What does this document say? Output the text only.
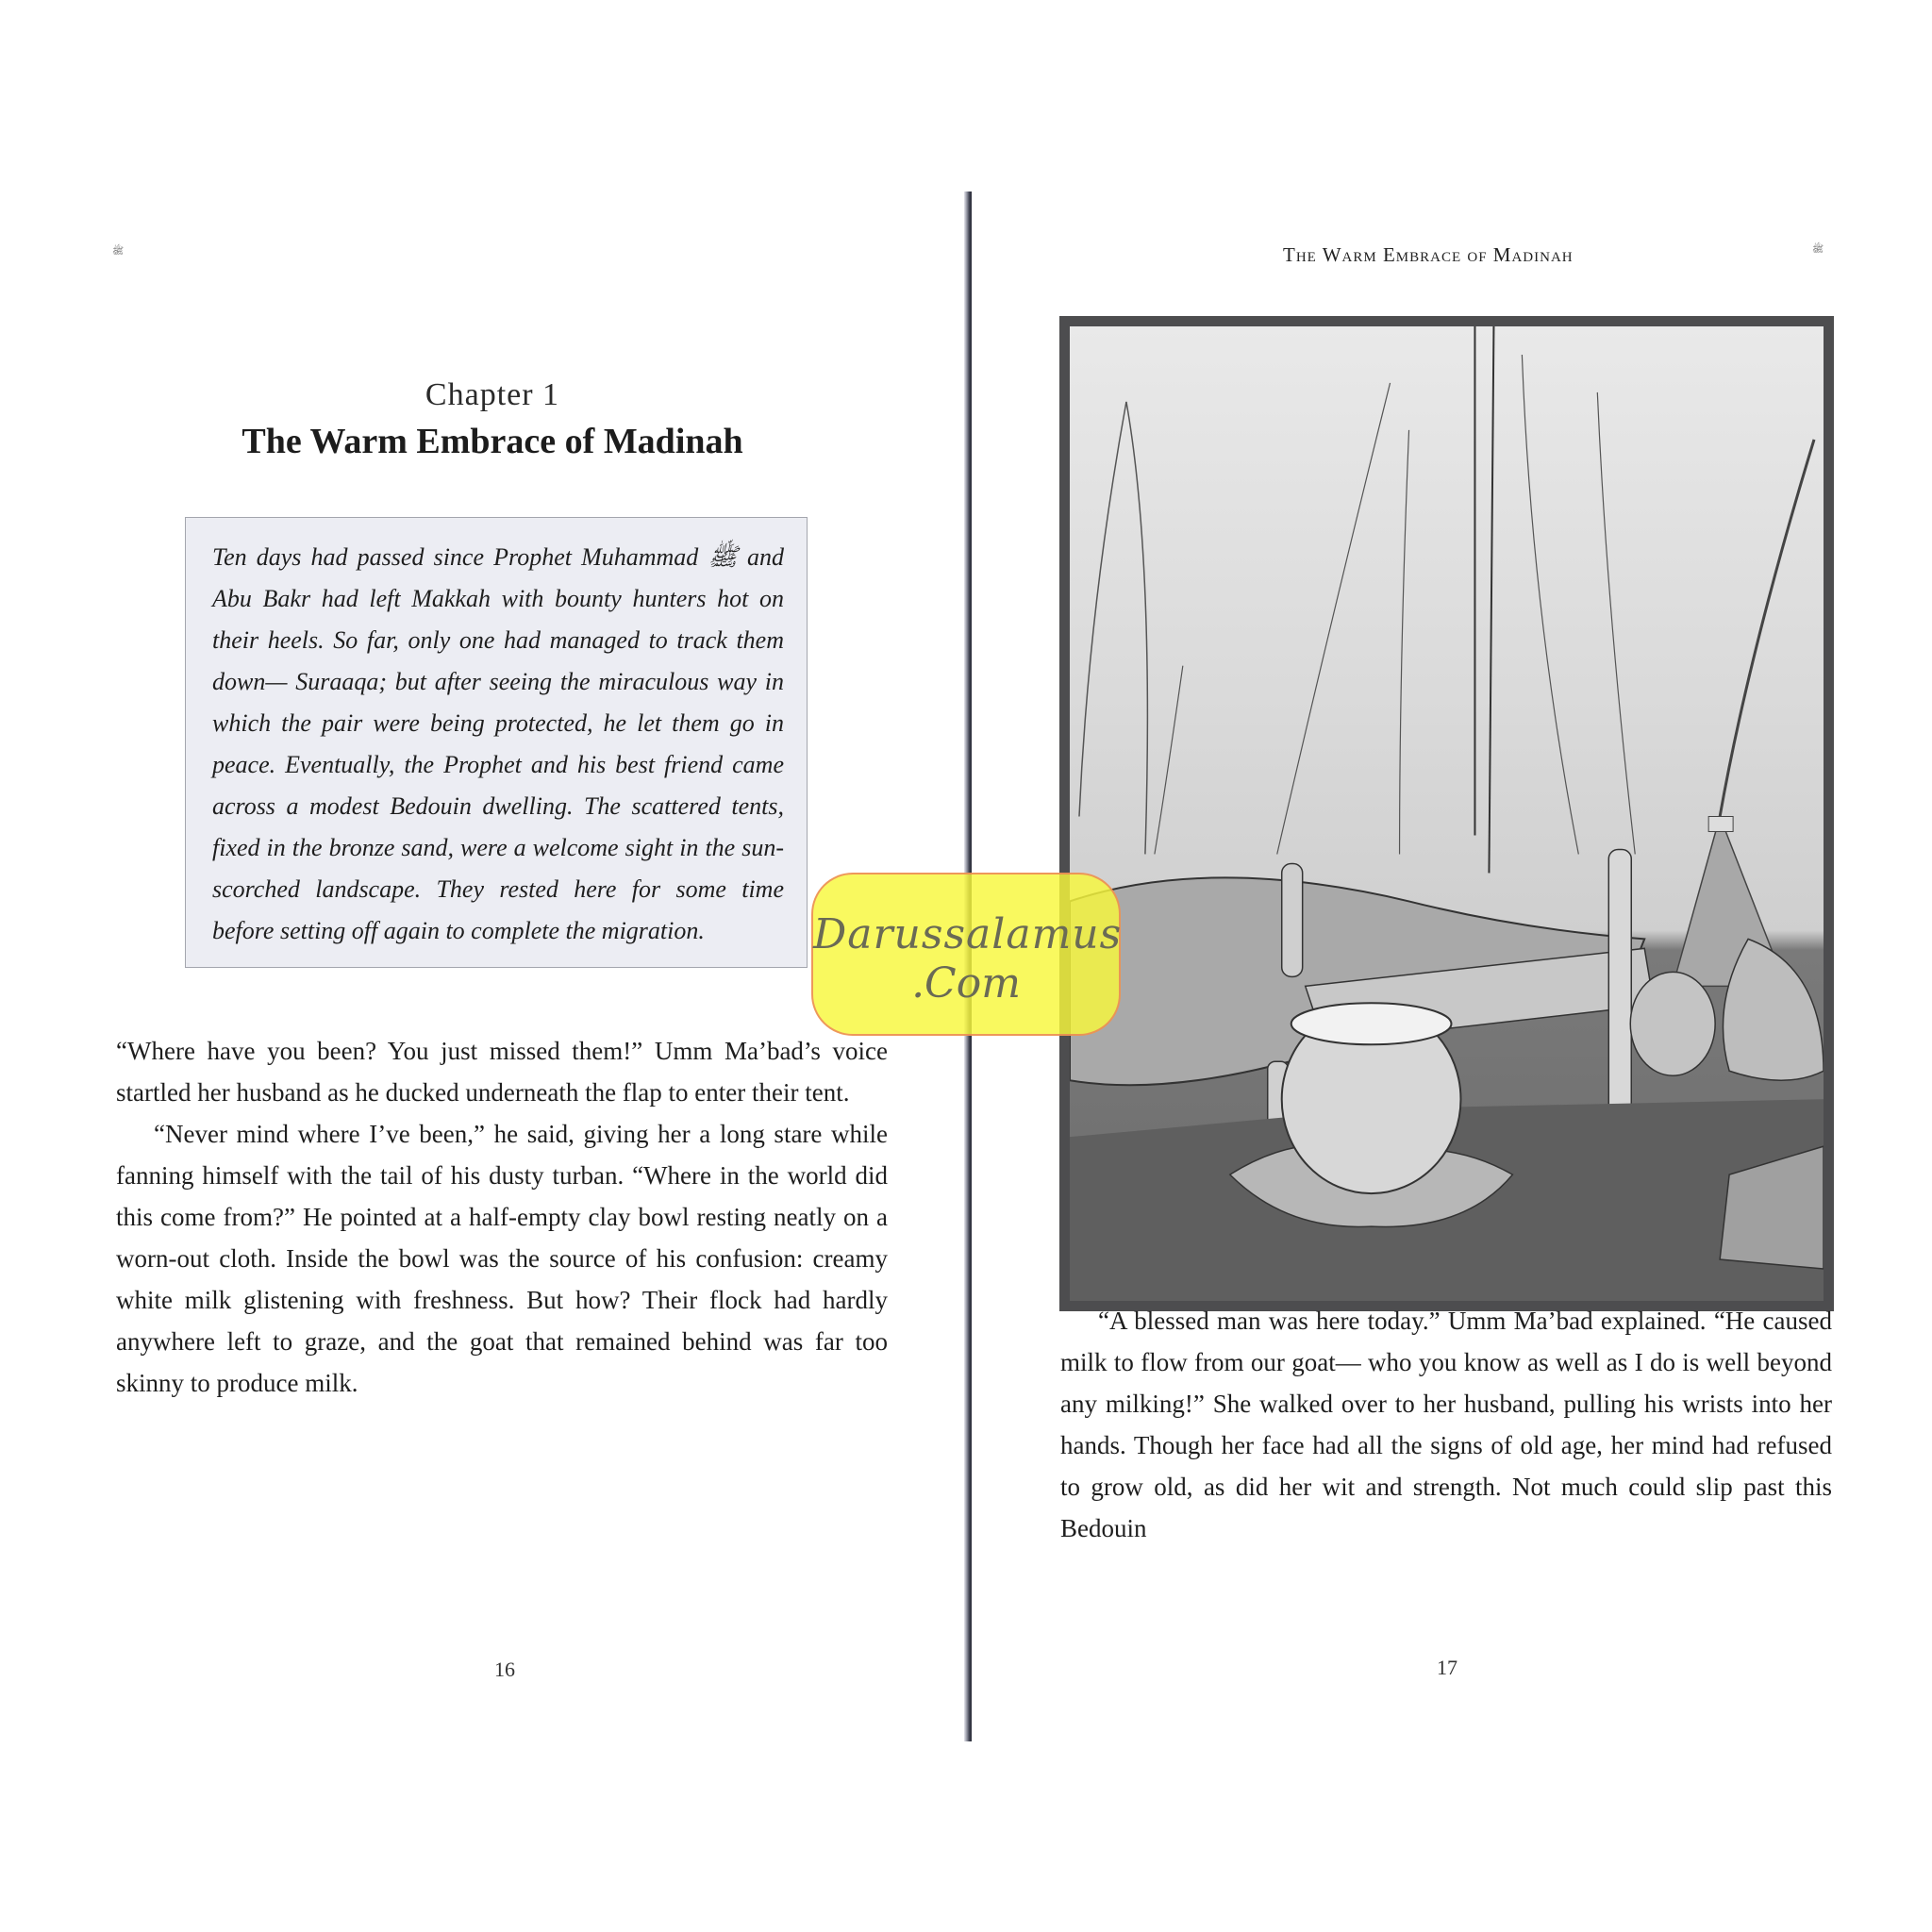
ﷺ
Chapter 1
The Warm Embrace of Madinah
Ten days had passed since Prophet Muhammad ﷺ and Abu Bakr had left Makkah with bounty hunters hot on their heels. So far, only one had managed to track them down— Suraaqa; but after seeing the miraculous way in which the pair were being protected, he let them go in peace. Eventually, the Prophet and his best friend came across a modest Bedouin dwelling. The scattered tents, fixed in the bronze sand, were a welcome sight in the sun-scorched landscape. They rested here for some time before setting off again to complete the migration.

“Where have you been? You just missed them!” Umm Ma’bad’s voice startled her husband as he ducked underneath the flap to enter their tent.

“Never mind where I’ve been,” he said, giving her a long stare while fanning himself with the tail of his dusty turban. “Where in the world did this come from?” He pointed at a half-empty clay bowl resting neatly on a worn-out cloth. Inside the bowl was the source of his confusion: creamy white milk glistening with freshness. But how? Their flock had hardly anywhere left to graze, and the goat that remained behind was far too skinny to produce milk.

16
The Warm Embrace of Madinah	ﷺ
17

“A blessed man was here today.” Umm Ma’bad explained. “He caused milk to flow from our goat— who you know as well as I do is well beyond any milking!” She walked over to her husband, pulling his wrists into her hands. Though her face had all the signs of old age, her mind had refused to grow old, as did her wit and strength. Not much could slip past this Bedouin

Darussalamus
.Com
